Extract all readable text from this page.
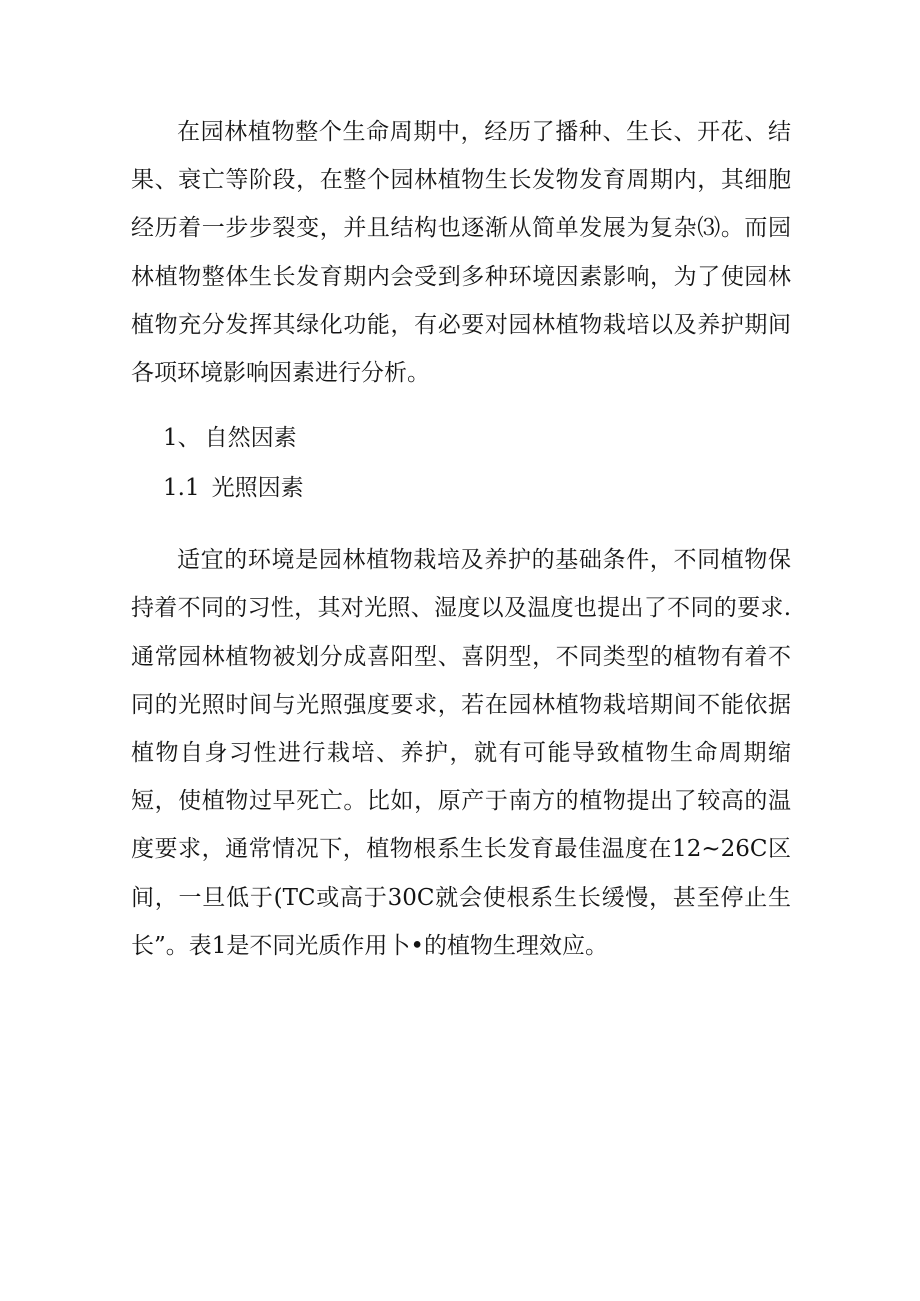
在园林植物整个生命周期中，经历了播种、生长、开花、结果、衰亡等阶段，在整个园林植物生长发物发育周期内，其细胞经历着一步步裂变，并且结构也逐渐从简单发展为复杂⑶。而园林植物整体生长发育期内会受到多种环境因素影响，为了使园林植物充分发挥其绿化功能，有必要对园林植物栽培以及养护期间各项环境影响因素进行分析。

1、 自然因素
1.1 光照因素

适宜的环境是园林植物栽培及养护的基础条件，不同植物保持着不同的习性，其对光照、湿度以及温度也提出了不同的要求.通常园林植物被划分成喜阳型、喜阴型，不同类型的植物有着不同的光照时间与光照强度要求，若在园林植物栽培期间不能依据植物自身习性进行栽培、养护，就有可能导致植物生命周期缩短，使植物过早死亡。比如，原产于南方的植物提出了较高的温度要求，通常情况下，植物根系生长发育最佳温度在12~26C区间，一旦低于(TC或高于30C就会使根系生长缓慢，甚至停止生长”。表1是不同光质作用卜•的植物生理效应。
